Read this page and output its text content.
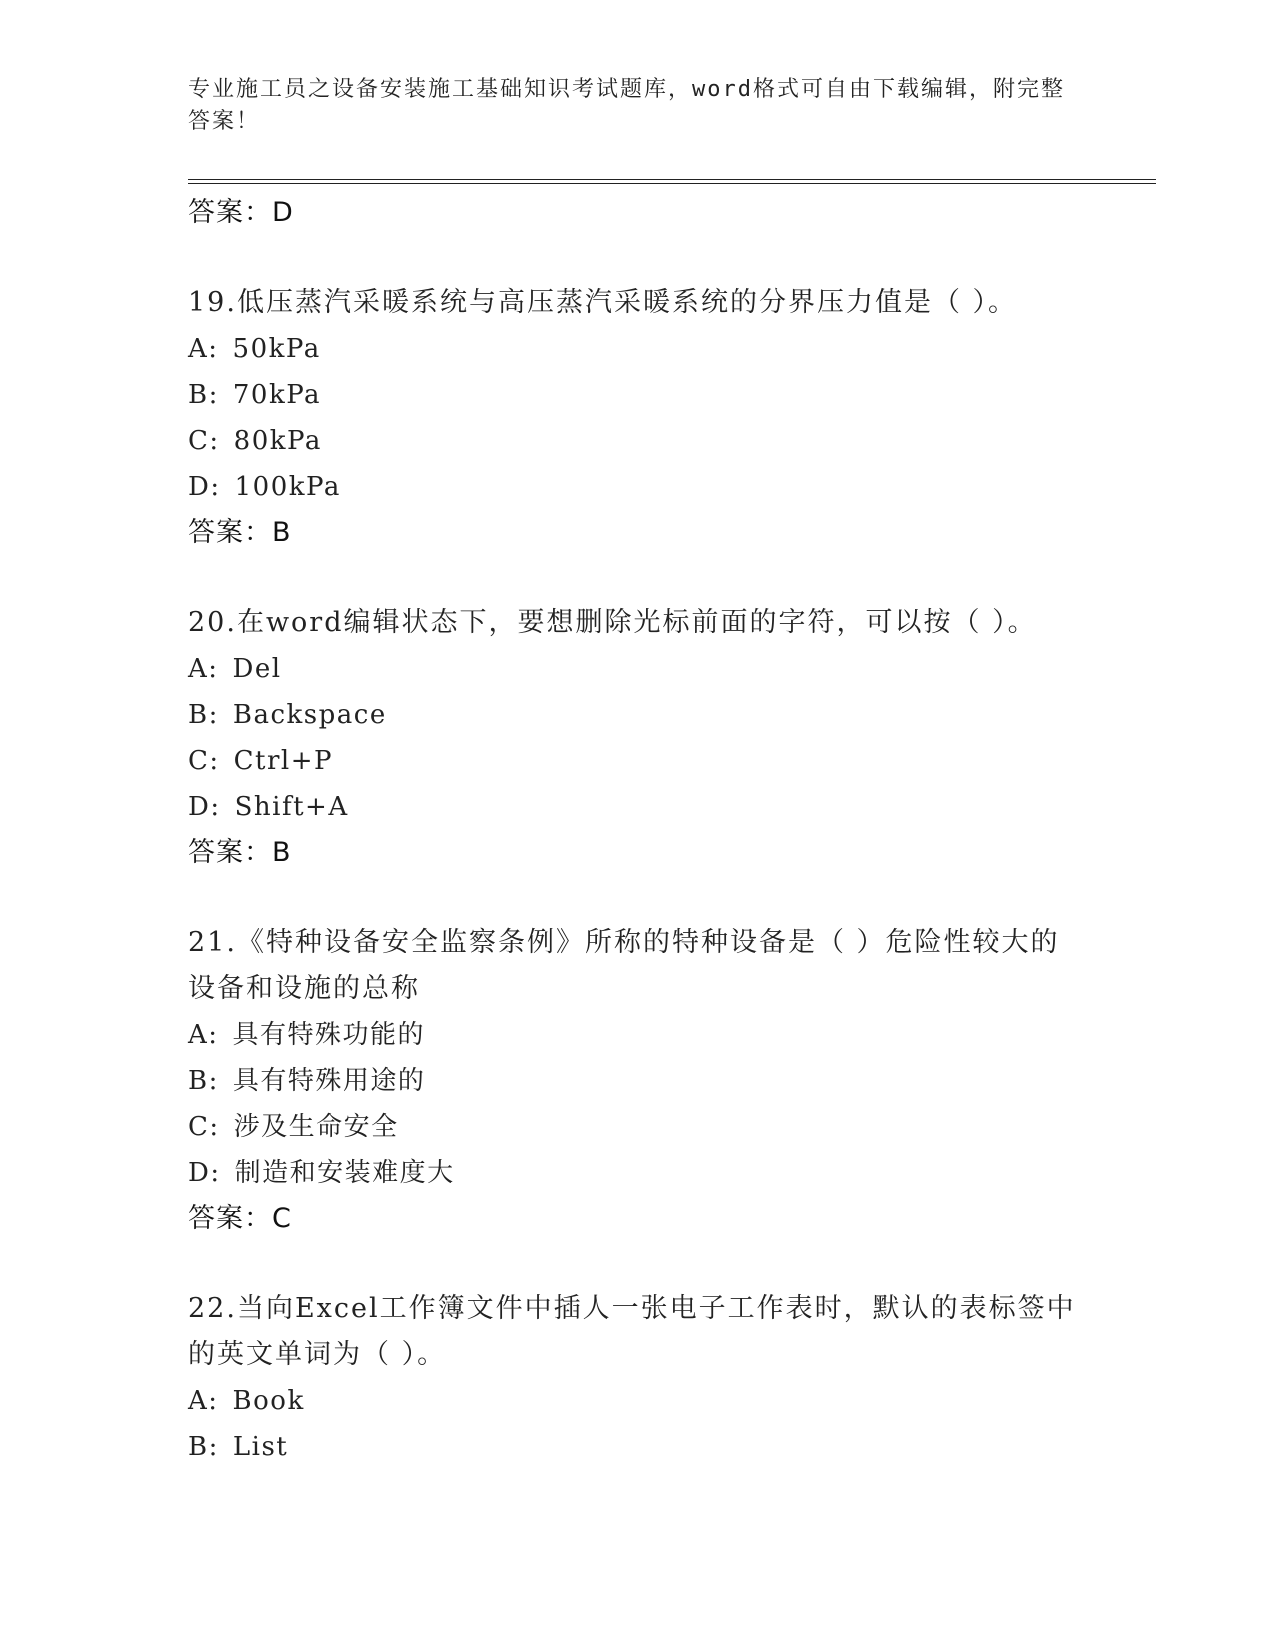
专业施工员之设备安装施工基础知识考试题库，word格式可自由下载编辑，附完整答案！
答案：D
19.低压蒸汽采暖系统与高压蒸汽采暖系统的分界压力值是（ ）。
A: 50kPa
B: 70kPa
C: 80kPa
D: 100kPa
答案：B
20.在word编辑状态下，要想删除光标前面的字符，可以按（ ）。
A: Del
B: Backspace
C: Ctrl+P
D: Shift+A
答案：B
21.《特种设备安全监察条例》所称的特种设备是（ ）危险性较大的设备和设施的总称
A: 具有特殊功能的
B: 具有特殊用途的
C: 涉及生命安全
D: 制造和安装难度大
答案：C
22.当向Excel工作簿文件中插人一张电子工作表时，默认的表标签中的英文单词为（ ）。
A: Book
B: List
